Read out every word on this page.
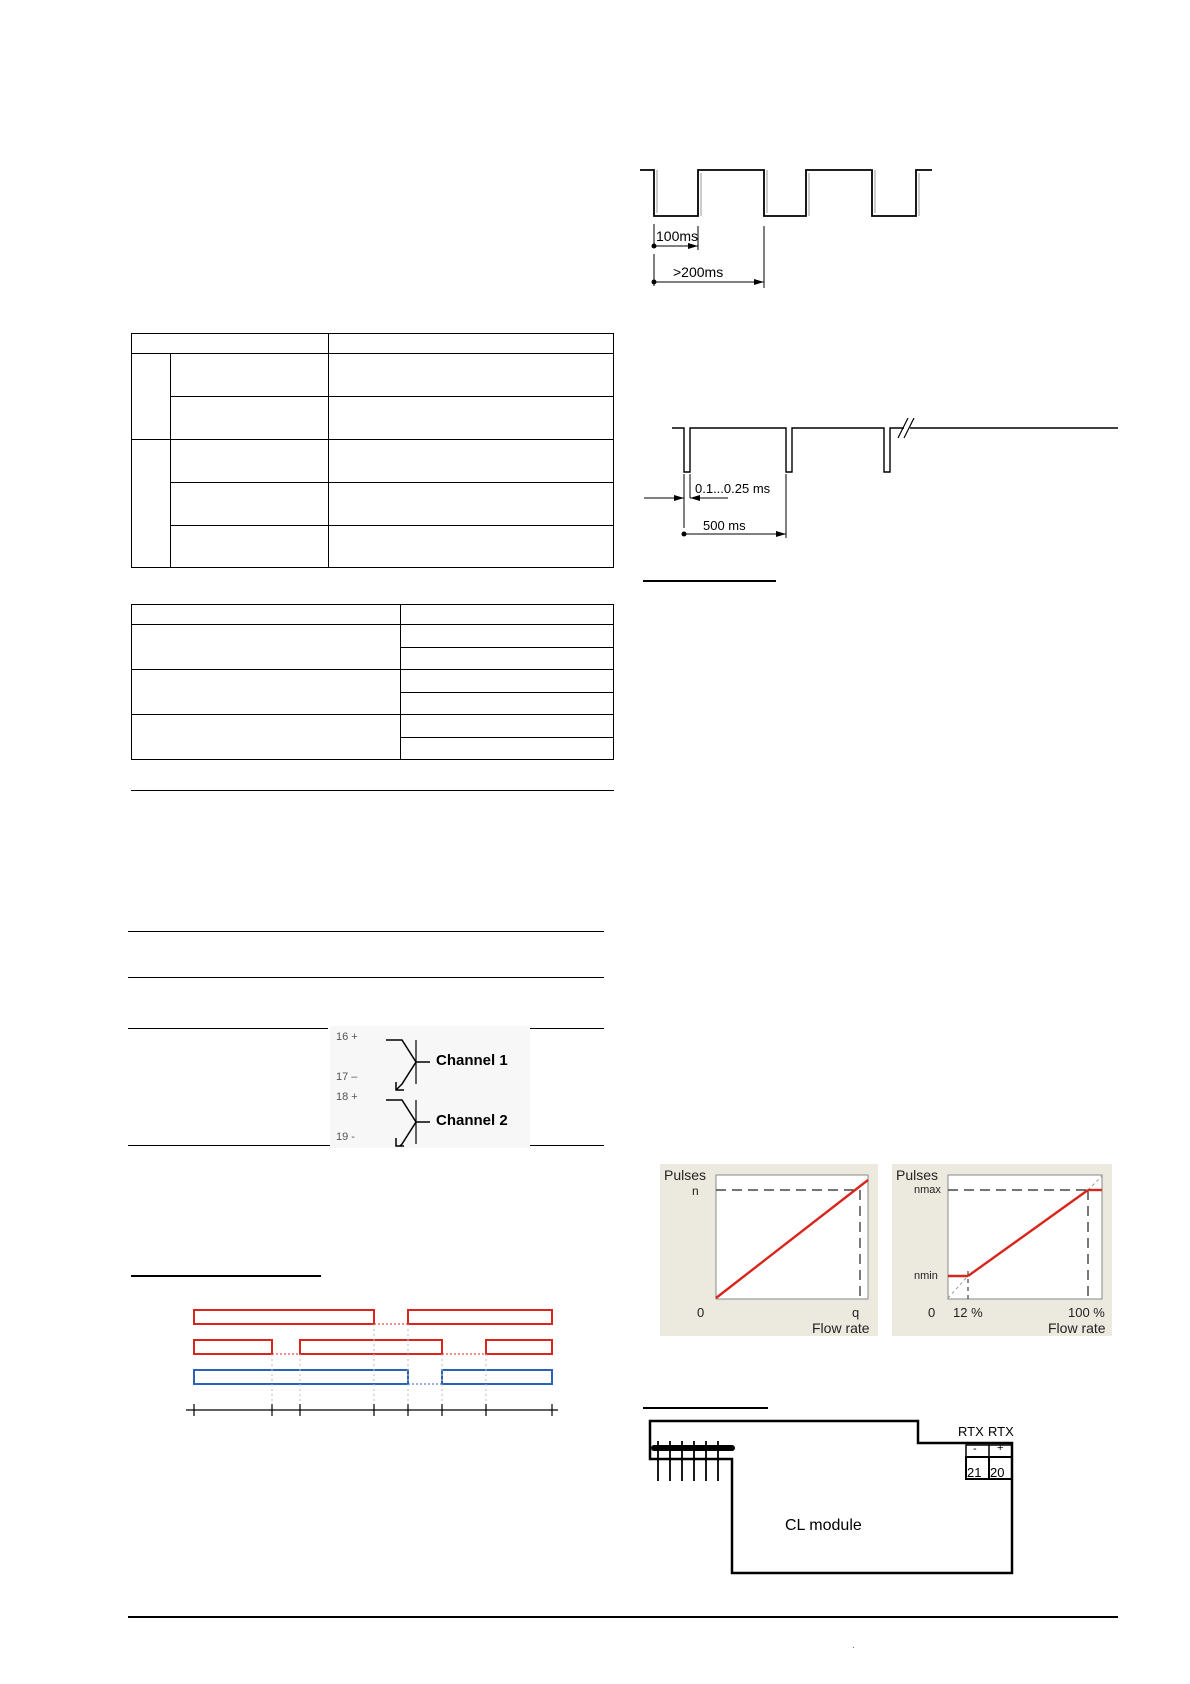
16 +
17 –
18 +
19 -
Channel 1
Channel 2
100ms
>200ms
0.1...0.25 ms
500 ms
Pulses
n
0	q
Flow rate
Pulses
nmax
nmin
0 12 %	100 %
Flow rate
RTX RTX
- +
21 20
CL module
.
